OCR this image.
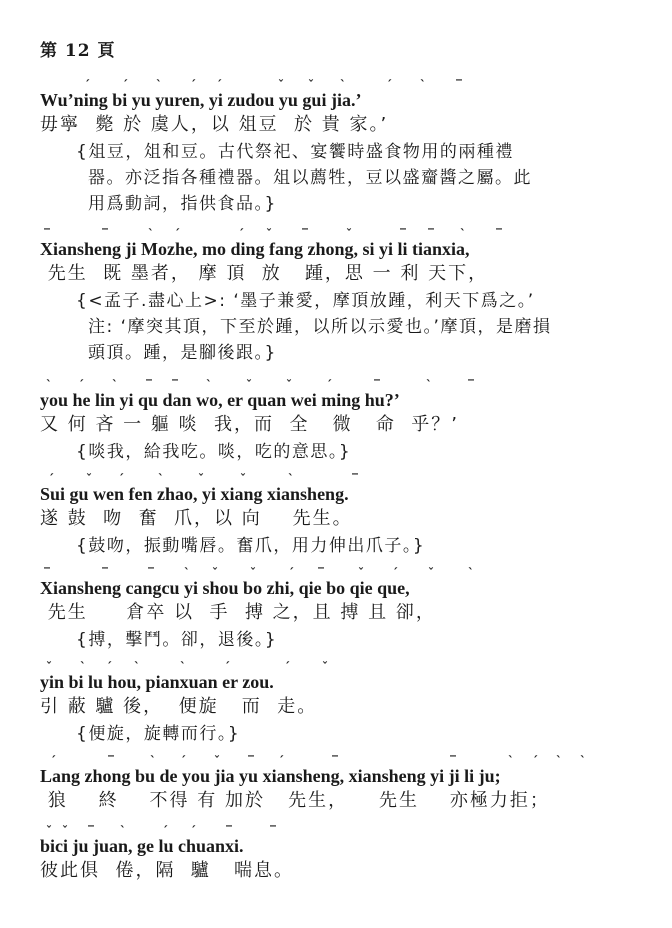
第 12 頁
ˊ	ˊ ˋ ˊ ˊ	ˇ ˇ ˋ	ˊ ˋ	‾
Wu’ning bi yu yuren, yi zudou yu gui jia.’
毋寧  斃 於 虞人，以 俎豆  於 貴 家。’
{俎豆，俎和豆。古代祭祀、宴饗時盛食物用的兩種禮
器。亦泛指各種禮器。俎以薦牲，豆以盛齏醬之屬。此
用爲動詞，指供食品。}
‾	‾	ˋ ˊ	ˊ ˇ	‾	ˇ	‾ ‾ ˋ	‾
Xiansheng ji Mozhe, mo ding fang zhong, si yi li tianxia,
先生  既 墨者， 摩 頂  放   踵，思 一 利 天下，
{<孟子.盡心上>: ‘墨子兼愛，摩頂放踵，利天下爲之。’
注: ‘摩突其頂，下至於踵，以所以示愛也。’摩頂，是磨損
頭頂。踵，是腳後跟。}
ˋ ˊ ˋ ‾ ‾ ˋ	ˇ	ˇ	ˊ	‾	ˋ	‾
you he lin yi qu dan wo, er quan wei ming hu?’
又 何 吝 一 軀 啖  我，而  全   微   命  乎？’
{啖我，給我吃。啖，吃的意思。}
ˊ	ˇ ˊ	ˋ	ˇ	ˇ	ˋ	‾
Sui gu wen fen zhao, yi xiang xiansheng.
遂 鼓  吻  奮  爪，以 向    先生。
{鼓吻，振動嘴唇。奮爪，用力伸出爪子。}
‾	‾	‾	ˋ ˇ	ˇ	ˊ ‾	ˇ ˊ	ˇ	ˋ
Xiansheng cangcu yi shou bo zhi, qie bo qie que,
先生     倉卒 以  手  搏 之，且 搏 且 卻，
{搏，擊鬥。卻，退後。}
ˇ ˋ ˊ ˋ	ˋ	ˊ	ˊ	ˇ
yin bi lu hou, pianxuan er zou.
引 蔽 驢 後，  便旋   而  走。
{便旋，旋轉而行。}
ˊ	‾	ˋ ˊ ˇ ‾ ˊ	‾	‾	ˋ ˊ ˋ ˋ
Lang zhong bu de you jia yu xiansheng, xiansheng yi ji li ju;
狼    終    不得 有 加於   先生，    先生    亦極力拒；
ˇ ˇ ‾ ˋ	ˊ ˊ	‾	‾
bici ju juan, ge lu chuanxi.
彼此俱  倦，隔  驢   喘息。
